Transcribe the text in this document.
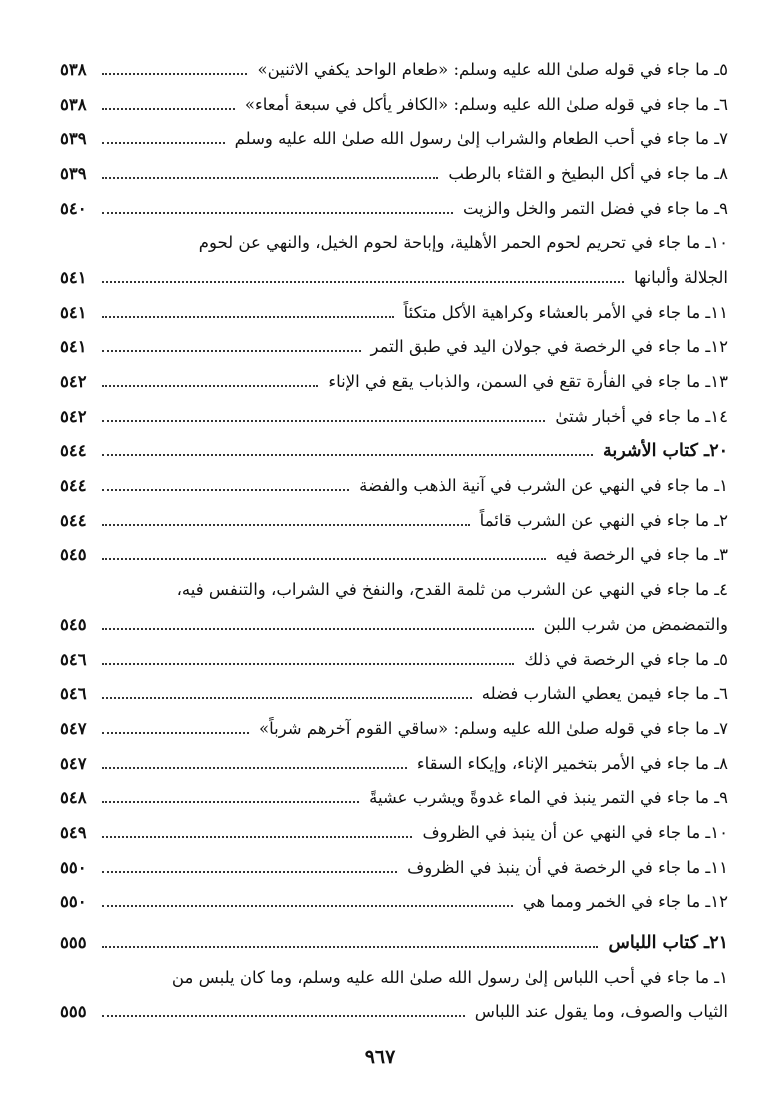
٥ـ ما جاء في قوله صلىٰ الله عليه وسلم: «طعام الواحد يكفي الاثنين»
٥٣٨
٦ـ ما جاء في قوله صلىٰ الله عليه وسلم: «الكافر يأكل في سبعة أمعاء»
٥٣٨
٧ـ ما جاء في أحب الطعام والشراب إلىٰ رسول الله صلىٰ الله عليه وسلم
٥٣٩
٨ـ ما جاء في أكل البطيخ و القثاء بالرطب
٥٣٩
٩ـ ما جاء في فضل التمر والخل والزيت
٥٤٠
١٠ـ ما جاء في تحريم لحوم الحمر الأهلية، وإباحة لحوم الخيل، والنهي عن لحوم
الجلالة وألبانها
٥٤١
١١ـ ما جاء في الأمر بالعشاء وكراهية الأكل متكئاً
٥٤١
١٢ـ ما جاء في الرخصة في جولان اليد في طبق التمر
٥٤١
١٣ـ ما جاء في الفأرة تقع في السمن، والذباب يقع في الإناء
٥٤٢
١٤ـ ما جاء في أخبار شتىٰ
٥٤٢
٢٠ـ كتاب الأشربة
٥٤٤
١ـ ما جاء في النهي عن الشرب في آنية الذهب والفضة
٥٤٤
٢ـ ما جاء في النهي عن الشرب قائماً
٥٤٤
٣ـ ما جاء في الرخصة فيه
٥٤٥
٤ـ ما جاء في النهي عن الشرب من ثلمة القدح، والنفخ في الشراب، والتنفس فيه،
والتمضمض من شرب اللبن
٥٤٥
٥ـ ما جاء في الرخصة في ذلك
٥٤٦
٦ـ ما جاء فيمن يعطي الشارب فضله
٥٤٦
٧ـ ما جاء في قوله صلىٰ الله عليه وسلم: «ساقي القوم آخرهم شرباً»
٥٤٧
٨ـ ما جاء في الأمر بتخمير الإناء، وإيكاء السقاء
٥٤٧
٩ـ ما جاء في التمر ينبذ في الماء غدوةً ويشرب عشيةً
٥٤٨
١٠ـ ما جاء في النهي عن أن ينبذ في الظروف
٥٤٩
١١ـ ما جاء في الرخصة في أن ينبذ في الظروف
٥٥٠
١٢ـ ما جاء في الخمر ومما هي
٥٥٠
٢١ـ كتاب اللباس
٥٥٥
١ـ ما جاء في أحب اللباس إلىٰ رسول الله صلىٰ الله عليه وسلم، وما كان يلبس من
الثياب والصوف، وما يقول عند اللباس
٥٥٥
٩٦٧
